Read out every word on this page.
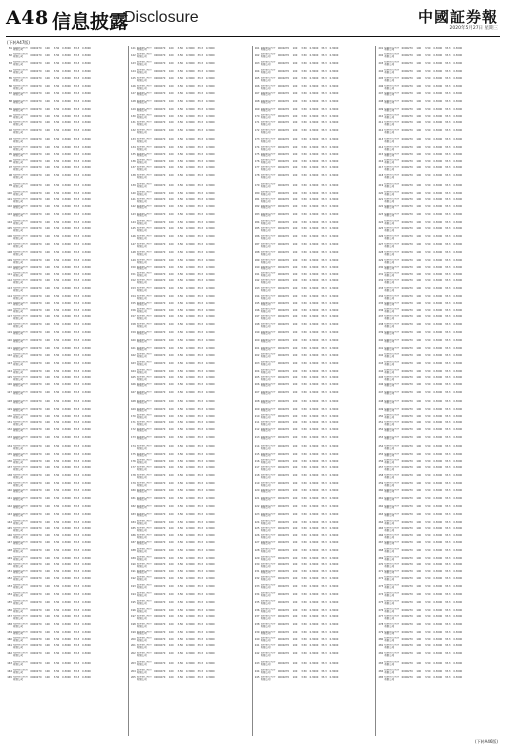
A48 信息披露
Disclosure	中國証券報
2020年5月27日 星期三
(下转A47版)
81 招商银行股份有限公司	0000270	100	3.50	0.3000	33.3	0.3000
82 招商银行股份有限公司	0000270	100	3.50	0.3000	33.3	0.3000
83 招商银行股份有限公司	0000270	100	3.50	0.3000	33.3	0.3000
84 招商银行股份有限公司	0000270	100	3.50	0.3000	33.3	0.3000
85 招商银行股份有限公司	0000270	100	3.50	0.3000	33.3	0.3000
86 招商银行股份有限公司	0000270	100	3.50	0.3000	33.3	0.3000
87 招商银行股份有限公司	0000270	100	3.50	0.3000	33.3	0.3000
88 招商银行股份有限公司	0000270	100	3.50	0.3000	33.3	0.3000
89 招商银行股份有限公司	0000270	100	3.50	0.3000	33.3	0.3000
90 招商银行股份有限公司	0000270	100	3.50	0.3000	33.3	0.3000
91 招商银行股份有限公司	0000270	100	3.50	0.3000	33.3	0.3000
92 招商银行股份有限公司	0000270	100	3.50	0.3000	33.3	0.3000
93 招商银行股份有限公司	0000270	100	3.50	0.3000	33.3	0.3000
94 招商银行股份有限公司	0000270	100	3.50	0.3000	33.3	0.3000
95 招商银行股份有限公司	0000270	100	3.50	0.3000	33.3	0.3000
96 招商银行股份有限公司	0000270	100	3.50	0.3000	33.3	0.3000
97 招商银行股份有限公司	0000270	100	3.50	0.3000	33.3	0.3000
98 招商银行股份有限公司	0000270	100	3.50	0.3000	33.3	0.3000
99 招商银行股份有限公司	0000270	100	3.50	0.3000	33.3	0.3000
100 招商银行股份有限公司	0000270	100	3.50	0.3000	33.3	0.3000
101 招商银行股份有限公司	0000270	100	3.50	0.3000	33.3	0.3000
102 招商银行股份有限公司	0000270	100	3.50	0.3000	33.3	0.3000
103 招商银行股份有限公司	0000270	100	3.50	0.3000	33.3	0.3000
104 招商银行股份有限公司	0000270	100	3.50	0.3000	33.3	0.3000
105 招商银行股份有限公司	0000270	100	3.50	0.3000	33.3	0.3000
106 招商银行股份有限公司	0000270	100	3.50	0.3000	33.3	0.3000
107 招商银行股份有限公司	0000270	100	3.50	0.3000	33.3	0.3000
108 招商银行股份有限公司	0000270	100	3.50	0.3000	33.3	0.3000
109 招商银行股份有限公司	0000270	100	3.50	0.3000	33.3	0.3000
110 招商银行股份有限公司	0000270	100	3.50	0.3000	33.3	0.3000
111 招商银行股份有限公司	0000270	100	3.50	0.3000	33.3	0.3000
112 招商银行股份有限公司	0000270	100	3.50	0.3000	33.3	0.3000
113 招商银行股份有限公司	0000270	100	3.50	0.3000	33.3	0.3000
114 招商银行股份有限公司	0000270	100	3.50	0.3000	33.3	0.3000
115 招商银行股份有限公司	0000270	100	3.50	0.3000	33.3	0.3000
116 招商银行股份有限公司	0000270	100	3.50	0.3000	33.3	0.3000
117 招商银行股份有限公司	0000270	100	3.50	0.3000	33.3	0.3000
118 招商银行股份有限公司	0000270	100	3.50	0.3000	33.3	0.3000
119 招商银行股份有限公司	0000270	100	3.50	0.3000	33.3	0.3000
120 招商银行股份有限公司	0000270	100	3.50	0.3000	33.3	0.3000
121 招商银行股份有限公司	0000270	100	3.50	0.3000	33.3	0.3000
122 招商银行股份有限公司	0000270	100	3.50	0.3000	33.3	0.3000
123 招商银行股份有限公司	0000270	100	3.50	0.3000	33.3	0.3000
124 招商银行股份有限公司	0000270	100	3.50	0.3000	33.3	0.3000
125 招商银行股份有限公司	0000270	100	3.50	0.3000	33.3	0.3000
126 招商银行股份有限公司	0000270	100	3.50	0.3000	33.3	0.3000
127 招商银行股份有限公司	0000270	100	3.50	0.3000	33.3	0.3000
128 招商银行股份有限公司	0000270	100	3.50	0.3000	33.3	0.3000
129 招商银行股份有限公司	0000270	100	3.50	0.3000	33.3	0.3000
130 招商银行股份有限公司	0000270	100	3.50	0.3000	33.3	0.3000
131 招商银行股份有限公司	0000270	100	3.50	0.3000	33.3	0.3000
132 招商银行股份有限公司	0000270	100	3.50	0.3000	33.3	0.3000
133 招商银行股份有限公司	0000270	100	3.50	0.3000	33.3	0.3000
134 招商银行股份有限公司	0000270	100	3.50	0.3000	33.3	0.3000
135 招商银行股份有限公司	0000270	100	3.50	0.3000	33.3	0.3000
136 招商银行股份有限公司	0000270	100	3.50	0.3000	33.3	0.3000
137 招商银行股份有限公司	0000270	100	3.50	0.3000	33.3	0.3000
138 招商银行股份有限公司	0000270	100	3.50	0.3000	33.3	0.3000
139 招商银行股份有限公司	0000270	100	3.50	0.3000	33.3	0.3000
140 招商银行股份有限公司	0000270	100	3.50	0.3000	33.3	0.3000
141 招商银行股份有限公司	0000270	100	3.50	0.3000	33.3	0.3000
142 招商银行股份有限公司	0000270	100	3.50	0.3000	33.3	0.3000
143 招商银行股份有限公司	0000270	100	3.50	0.3000	33.3	0.3000
144 招商银行股份有限公司	0000270	100	3.50	0.3000	33.3	0.3000
145 招商银行股份有限公司	0000270	100	3.50	0.3000	33.3	0.3000
146 招商银行股份有限公司	0000270	100	3.50	0.3000	33.3	0.3000
147 招商银行股份有限公司	0000270	100	3.50	0.3000	33.3	0.3000
148 招商银行股份有限公司	0000270	100	3.50	0.3000	33.3	0.3000
149 招商银行股份有限公司	0000270	100	3.50	0.3000	33.3	0.3000
150 招商银行股份有限公司	0000270	100	3.50	0.3000	33.3	0.3000
151 招商银行股份有限公司	0000270	100	3.50	0.3000	33.3	0.3000
152 招商银行股份有限公司	0000270	100	3.50	0.3000	33.3	0.3000
153 招商银行股份有限公司	0000270	100	3.50	0.3000	33.3	0.3000
154 招商银行股份有限公司	0000270	100	3.50	0.3000	33.3	0.3000
155 招商银行股份有限公司	0000270	100	3.50	0.3000	33.3	0.3000
156 招商银行股份有限公司	0000270	100	3.50	0.3000	33.3	0.3000
157 招商银行股份有限公司	0000270	100	3.50	0.3000	33.3	0.3000
158 招商银行股份有限公司	0000270	100	3.50	0.3000	33.3	0.3000
159 招商银行股份有限公司	0000270	100	3.50	0.3000	33.3	0.3000
160 招商银行股份有限公司	0000270	100	3.50	0.3000	33.3	0.3000
161 招商银行股份有限公司	0000270	100	3.50	0.3000	33.3	0.3000
162 招商银行股份有限公司	0000270	100	3.50	0.3000	33.3	0.3000
163 招商银行股份有限公司	0000270	100	3.50	0.3000	33.3	0.3000
164 招商银行股份有限公司	0000270	100	3.50	0.3000	33.3	0.3000
165 招商银行股份有限公司	0000270	100	3.50	0.3000	33.3	0.3000
121 招商银行股份有限公司	0000270	100	3.50	0.3000	33.3	0.3000
122 招商银行股份有限公司	0000270	100	3.50	0.3000	33.3	0.3000
123 招商银行股份有限公司	0000270	100	3.50	0.3000	33.3	0.3000
124 招商银行股份有限公司	0000270	100	3.50	0.3000	33.3	0.3000
125 招商银行股份有限公司	0000270	100	3.50	0.3000	33.3	0.3000
126 招商银行股份有限公司	0000270	100	3.50	0.3000	33.3	0.3000
127 招商银行股份有限公司	0000270	100	3.50	0.3000	33.3	0.3000
128 招商银行股份有限公司	0000270	100	3.50	0.3000	33.3	0.3000
129 招商银行股份有限公司	0000270	100	3.50	0.3000	33.3	0.3000
130 招商银行股份有限公司	0000270	100	3.50	0.3000	33.3	0.3000
131 招商银行股份有限公司	0000270	100	3.50	0.3000	33.3	0.3000
132 招商银行股份有限公司	0000270	100	3.50	0.3000	33.3	0.3000
133 招商银行股份有限公司	0000270	100	3.50	0.3000	33.3	0.3000
134 招商银行股份有限公司	0000270	100	3.50	0.3000	33.3	0.3000
135 招商银行股份有限公司	0000270	100	3.50	0.3000	33.3	0.3000
136 招商银行股份有限公司	0000270	100	3.50	0.3000	33.3	0.3000
137 招商银行股份有限公司	0000270	100	3.50	0.3000	33.3	0.3000
138 招商银行股份有限公司	0000270	100	3.50	0.3000	33.3	0.3000
139 招商银行股份有限公司	0000270	100	3.50	0.3000	33.3	0.3000
140 招商银行股份有限公司	0000270	100	3.50	0.3000	33.3	0.3000
141 招商银行股份有限公司	0000270	100	3.50	0.3000	33.3	0.3000
142 招商银行股份有限公司	0000270	100	3.50	0.3000	33.3	0.3000
143 招商银行股份有限公司	0000270	100	3.50	0.3000	33.3	0.3000
144 招商银行股份有限公司	0000270	100	3.50	0.3000	33.3	0.3000
145 招商银行股份有限公司	0000270	100	3.50	0.3000	33.3	0.3000
146 招商银行股份有限公司	0000270	100	3.50	0.3000	33.3	0.3000
147 招商银行股份有限公司	0000270	100	3.50	0.3000	33.3	0.3000
148 招商银行股份有限公司	0000270	100	3.50	0.3000	33.3	0.3000
149 招商银行股份有限公司	0000270	100	3.50	0.3000	33.3	0.3000
150 招商银行股份有限公司	0000270	100	3.50	0.3000	33.3	0.3000
151 招商银行股份有限公司	0000270	100	3.50	0.3000	33.3	0.3000
152 招商银行股份有限公司	0000270	100	3.50	0.3000	33.3	0.3000
153 招商银行股份有限公司	0000270	100	3.50	0.3000	33.3	0.3000
154 招商银行股份有限公司	0000270	100	3.50	0.3000	33.3	0.3000
155 招商银行股份有限公司	0000270	100	3.50	0.3000	33.3	0.3000
156 招商银行股份有限公司	0000270	100	3.50	0.3000	33.3	0.3000
157 招商银行股份有限公司	0000270	100	3.50	0.3000	33.3	0.3000
158 招商银行股份有限公司	0000270	100	3.50	0.3000	33.3	0.3000
159 招商银行股份有限公司	0000270	100	3.50	0.3000	33.3	0.3000
160 招商银行股份有限公司	0000270	100	3.50	0.3000	33.3	0.3000
161 招商银行股份有限公司	0000270	100	3.50	0.3000	33.3	0.3000
162 招商银行股份有限公司	0000270	100	3.50	0.3000	33.3	0.3000
163 招商银行股份有限公司	0000270	100	3.50	0.3000	33.3	0.3000
164 招商银行股份有限公司	0000270	100	3.50	0.3000	33.3	0.3000
165 招商银行股份有限公司	0000270	100	3.50	0.3000	33.3	0.3000
166 招商银行股份有限公司	0000270	100	3.50	0.3000	33.3	0.3000
167 招商银行股份有限公司	0000270	100	3.50	0.3000	33.3	0.3000
168 招商银行股份有限公司	0000270	100	3.50	0.3000	33.3	0.3000
169 招商银行股份有限公司	0000270	100	3.50	0.3000	33.3	0.3000
170 招商银行股份有限公司	0000270	100	3.50	0.3000	33.3	0.3000
171 招商银行股份有限公司	0000270	100	3.50	0.3000	33.3	0.3000
172 招商银行股份有限公司	0000270	100	3.50	0.3000	33.3	0.3000
173 招商银行股份有限公司	0000270	100	3.50	0.3000	33.3	0.3000
174 招商银行股份有限公司	0000270	100	3.50	0.3000	33.3	0.3000
175 招商银行股份有限公司	0000270	100	3.50	0.3000	33.3	0.3000
176 招商银行股份有限公司	0000270	100	3.50	0.3000	33.3	0.3000
177 招商银行股份有限公司	0000270	100	3.50	0.3000	33.3	0.3000
178 招商银行股份有限公司	0000270	100	3.50	0.3000	33.3	0.3000
179 招商银行股份有限公司	0000270	100	3.50	0.3000	33.3	0.3000
180 招商银行股份有限公司	0000270	100	3.50	0.3000	33.3	0.3000
181 招商银行股份有限公司	0000270	100	3.50	0.3000	33.3	0.3000
182 招商银行股份有限公司	0000270	100	3.50	0.3000	33.3	0.3000
183 招商银行股份有限公司	0000270	100	3.50	0.3000	33.3	0.3000
184 招商银行股份有限公司	0000270	100	3.50	0.3000	33.3	0.3000
185 招商银行股份有限公司	0000270	100	3.50	0.3000	33.3	0.3000
186 招商银行股份有限公司	0000270	100	3.50	0.3000	33.3	0.3000
187 招商银行股份有限公司	0000270	100	3.50	0.3000	33.3	0.3000
188 招商银行股份有限公司	0000270	100	3.50	0.3000	33.3	0.3000
189 招商银行股份有限公司	0000270	100	3.50	0.3000	33.3	0.3000
190 招商银行股份有限公司	0000270	100	3.50	0.3000	33.3	0.3000
191 招商银行股份有限公司	0000270	100	3.50	0.3000	33.3	0.3000
192 招商银行股份有限公司	0000270	100	3.50	0.3000	33.3	0.3000
193 招商银行股份有限公司	0000270	100	3.50	0.3000	33.3	0.3000
194 招商银行股份有限公司	0000270	100	3.50	0.3000	33.3	0.3000
195 招商银行股份有限公司	0000270	100	3.50	0.3000	33.3	0.3000
196 招商银行股份有限公司	0000270	100	3.50	0.3000	33.3	0.3000
197 招商银行股份有限公司	0000270	100	3.50	0.3000	33.3	0.3000
198 招商银行股份有限公司	0000270	100	3.50	0.3000	33.3	0.3000
199 招商银行股份有限公司	0000270	100	3.50	0.3000	33.3	0.3000
200 招商银行股份有限公司	0000270	100	3.50	0.3000	33.3	0.3000
201 招商银行股份有限公司	0000270	100	3.50	0.3000	33.3	0.3000
202 招商银行股份有限公司	0000270	100	3.50	0.3000	33.3	0.3000
203 招商银行股份有限公司	0000270	100	3.50	0.3000	33.3	0.3000
204 招商银行股份有限公司	0000270	100	3.50	0.3000	33.3	0.3000
205 招商银行股份有限公司	0000270	100	3.50	0.3000	33.3	0.3000
161 招商银行股份有限公司	0000270	100	3.50	0.3000	33.3	0.3000
162 招商银行股份有限公司	0000270	100	3.50	0.3000	33.3	0.3000
163 招商银行股份有限公司	0000270	100	3.50	0.3000	33.3	0.3000
164 招商银行股份有限公司	0000270	100	3.50	0.3000	33.3	0.3000
165 招商银行股份有限公司	0000270	100	3.50	0.3000	33.3	0.3000
166 招商银行股份有限公司	0000270	100	3.50	0.3000	33.3	0.3000
167 招商银行股份有限公司	0000270	100	3.50	0.3000	33.3	0.3000
168 招商银行股份有限公司	0000270	100	3.50	0.3000	33.3	0.3000
169 招商银行股份有限公司	0000270	100	3.50	0.3000	33.3	0.3000
170 招商银行股份有限公司	0000270	100	3.50	0.3000	33.3	0.3000
171 招商银行股份有限公司	0000270	100	3.50	0.3000	33.3	0.3000
172 招商银行股份有限公司	0000270	100	3.50	0.3000	33.3	0.3000
173 招商银行股份有限公司	0000270	100	3.50	0.3000	33.3	0.3000
174 招商银行股份有限公司	0000270	100	3.50	0.3000	33.3	0.3000
175 招商银行股份有限公司	0000270	100	3.50	0.3000	33.3	0.3000
176 招商银行股份有限公司	0000270	100	3.50	0.3000	33.3	0.3000
177 招商银行股份有限公司	0000270	100	3.50	0.3000	33.3	0.3000
178 招商银行股份有限公司	0000270	100	3.50	0.3000	33.3	0.3000
179 招商银行股份有限公司	0000270	100	3.50	0.3000	33.3	0.3000
180 招商银行股份有限公司	0000270	100	3.50	0.3000	33.3	0.3000
181 招商银行股份有限公司	0000270	100	3.50	0.3000	33.3	0.3000
182 招商银行股份有限公司	0000270	100	3.50	0.3000	33.3	0.3000
183 招商银行股份有限公司	0000270	100	3.50	0.3000	33.3	0.3000
184 招商银行股份有限公司	0000270	100	3.50	0.3000	33.3	0.3000
185 招商银行股份有限公司	0000270	100	3.50	0.3000	33.3	0.3000
186 招商银行股份有限公司	0000270	100	3.50	0.3000	33.3	0.3000
187 招商银行股份有限公司	0000270	100	3.50	0.3000	33.3	0.3000
188 招商银行股份有限公司	0000270	100	3.50	0.3000	33.3	0.3000
189 招商银行股份有限公司	0000270	100	3.50	0.3000	33.3	0.3000
190 招商银行股份有限公司	0000270	100	3.50	0.3000	33.3	0.3000
191 招商银行股份有限公司	0000270	100	3.50	0.3000	33.3	0.3000
192 招商银行股份有限公司	0000270	100	3.50	0.3000	33.3	0.3000
193 招商银行股份有限公司	0000270	100	3.50	0.3000	33.3	0.3000
194 招商银行股份有限公司	0000270	100	3.50	0.3000	33.3	0.3000
195 招商银行股份有限公司	0000270	100	3.50	0.3000	33.3	0.3000
196 招商银行股份有限公司	0000270	100	3.50	0.3000	33.3	0.3000
197 招商银行股份有限公司	0000270	100	3.50	0.3000	33.3	0.3000
198 招商银行股份有限公司	0000270	100	3.50	0.3000	33.3	0.3000
199 招商银行股份有限公司	0000270	100	3.50	0.3000	33.3	0.3000
200 招商银行股份有限公司	0000270	100	3.50	0.3000	33.3	0.3000
201 招商银行股份有限公司	0000270	100	3.50	0.3000	33.3	0.3000
202 招商银行股份有限公司	0000270	100	3.50	0.3000	33.3	0.3000
203 招商银行股份有限公司	0000270	100	3.50	0.3000	33.3	0.3000
204 招商银行股份有限公司	0000270	100	3.50	0.3000	33.3	0.3000
205 招商银行股份有限公司	0000270	100	3.50	0.3000	33.3	0.3000
206 招商银行股份有限公司	0000270	100	3.50	0.3000	33.3	0.3000
207 招商银行股份有限公司	0000270	100	3.50	0.3000	33.3	0.3000
208 招商银行股份有限公司	0000270	100	3.50	0.3000	33.3	0.3000
209 招商银行股份有限公司	0000270	100	3.50	0.3000	33.3	0.3000
210 招商银行股份有限公司	0000270	100	3.50	0.3000	33.3	0.3000
211 招商银行股份有限公司	0000270	100	3.50	0.3000	33.3	0.3000
212 招商银行股份有限公司	0000270	100	3.50	0.3000	33.3	0.3000
213 招商银行股份有限公司	0000270	100	3.50	0.3000	33.3	0.3000
214 招商银行股份有限公司	0000270	100	3.50	0.3000	33.3	0.3000
215 招商银行股份有限公司	0000270	100	3.50	0.3000	33.3	0.3000
216 招商银行股份有限公司	0000270	100	3.50	0.3000	33.3	0.3000
217 招商银行股份有限公司	0000270	100	3.50	0.3000	33.3	0.3000
218 招商银行股份有限公司	0000270	100	3.50	0.3000	33.3	0.3000
219 招商银行股份有限公司	0000270	100	3.50	0.3000	33.3	0.3000
220 招商银行股份有限公司	0000270	100	3.50	0.3000	33.3	0.3000
221 招商银行股份有限公司	0000270	100	3.50	0.3000	33.3	0.3000
222 招商银行股份有限公司	0000270	100	3.50	0.3000	33.3	0.3000
223 招商银行股份有限公司	0000270	100	3.50	0.3000	33.3	0.3000
224 招商银行股份有限公司	0000270	100	3.50	0.3000	33.3	0.3000
225 招商银行股份有限公司	0000270	100	3.50	0.3000	33.3	0.3000
226 招商银行股份有限公司	0000270	100	3.50	0.3000	33.3	0.3000
227 招商银行股份有限公司	0000270	100	3.50	0.3000	33.3	0.3000
228 招商银行股份有限公司	0000270	100	3.50	0.3000	33.3	0.3000
229 招商银行股份有限公司	0000270	100	3.50	0.3000	33.3	0.3000
230 招商银行股份有限公司	0000270	100	3.50	0.3000	33.3	0.3000
231 招商银行股份有限公司	0000270	100	3.50	0.3000	33.3	0.3000
232 招商银行股份有限公司	0000270	100	3.50	0.3000	33.3	0.3000
233 招商银行股份有限公司	0000270	100	3.50	0.3000	33.3	0.3000
234 招商银行股份有限公司	0000270	100	3.50	0.3000	33.3	0.3000
235 招商银行股份有限公司	0000270	100	3.50	0.3000	33.3	0.3000
236 招商银行股份有限公司	0000270	100	3.50	0.3000	33.3	0.3000
237 招商银行股份有限公司	0000270	100	3.50	0.3000	33.3	0.3000
238 招商银行股份有限公司	0000270	100	3.50	0.3000	33.3	0.3000
239 招商银行股份有限公司	0000270	100	3.50	0.3000	33.3	0.3000
240 招商银行股份有限公司	0000270	100	3.50	0.3000	33.3	0.3000
241 招商银行股份有限公司	0000270	100	3.50	0.3000	33.3	0.3000
242 招商银行股份有限公司	0000270	100	3.50	0.3000	33.3	0.3000
243 招商银行股份有限公司	0000270	100	3.50	0.3000	33.3	0.3000
244 招商银行股份有限公司	0000270	100	3.50	0.3000	33.3	0.3000
245 招商银行股份有限公司	0000270	100	3.50	0.3000	33.3	0.3000
201 招商银行股份有限公司	0000270	100	3.50	0.3000	33.3	0.3000
202 招商银行股份有限公司	0000270	100	3.50	0.3000	33.3	0.3000
203 招商银行股份有限公司	0000270	100	3.50	0.3000	33.3	0.3000
204 招商银行股份有限公司	0000270	100	3.50	0.3000	33.3	0.3000
205 招商银行股份有限公司	0000270	100	3.50	0.3000	33.3	0.3000
206 招商银行股份有限公司	0000270	100	3.50	0.3000	33.3	0.3000
207 招商银行股份有限公司	0000270	100	3.50	0.3000	33.3	0.3000
208 招商银行股份有限公司	0000270	100	3.50	0.3000	33.3	0.3000
209 招商银行股份有限公司	0000270	100	3.50	0.3000	33.3	0.3000
210 招商银行股份有限公司	0000270	100	3.50	0.3000	33.3	0.3000
211 招商银行股份有限公司	0000270	100	3.50	0.3000	33.3	0.3000
212 招商银行股份有限公司	0000270	100	3.50	0.3000	33.3	0.3000
213 招商银行股份有限公司	0000270	100	3.50	0.3000	33.3	0.3000
214 招商银行股份有限公司	0000270	100	3.50	0.3000	33.3	0.3000
215 招商银行股份有限公司	0000270	100	3.50	0.3000	33.3	0.3000
216 招商银行股份有限公司	0000270	100	3.50	0.3000	33.3	0.3000
217 招商银行股份有限公司	0000270	100	3.50	0.3000	33.3	0.3000
218 招商银行股份有限公司	0000270	100	3.50	0.3000	33.3	0.3000
219 招商银行股份有限公司	0000270	100	3.50	0.3000	33.3	0.3000
220 招商银行股份有限公司	0000270	100	3.50	0.3000	33.3	0.3000
221 招商银行股份有限公司	0000270	100	3.50	0.3000	33.3	0.3000
222 招商银行股份有限公司	0000270	100	3.50	0.3000	33.3	0.3000
223 招商银行股份有限公司	0000270	100	3.50	0.3000	33.3	0.3000
224 招商银行股份有限公司	0000270	100	3.50	0.3000	33.3	0.3000
225 招商银行股份有限公司	0000270	100	3.50	0.3000	33.3	0.3000
226 招商银行股份有限公司	0000270	100	3.50	0.3000	33.3	0.3000
227 招商银行股份有限公司	0000270	100	3.50	0.3000	33.3	0.3000
228 招商银行股份有限公司	0000270	100	3.50	0.3000	33.3	0.3000
229 招商银行股份有限公司	0000270	100	3.50	0.3000	33.3	0.3000
230 招商银行股份有限公司	0000270	100	3.50	0.3000	33.3	0.3000
231 招商银行股份有限公司	0000270	100	3.50	0.3000	33.3	0.3000
232 招商银行股份有限公司	0000270	100	3.50	0.3000	33.3	0.3000
233 招商银行股份有限公司	0000270	100	3.50	0.3000	33.3	0.3000
234 招商银行股份有限公司	0000270	100	3.50	0.3000	33.3	0.3000
235 招商银行股份有限公司	0000270	100	3.50	0.3000	33.3	0.3000
236 招商银行股份有限公司	0000270	100	3.50	0.3000	33.3	0.3000
237 招商银行股份有限公司	0000270	100	3.50	0.3000	33.3	0.3000
238 招商银行股份有限公司	0000270	100	3.50	0.3000	33.3	0.3000
239 招商银行股份有限公司	0000270	100	3.50	0.3000	33.3	0.3000
240 招商银行股份有限公司	0000270	100	3.50	0.3000	33.3	0.3000
241 招商银行股份有限公司	0000270	100	3.50	0.3000	33.3	0.3000
242 招商银行股份有限公司	0000270	100	3.50	0.3000	33.3	0.3000
243 招商银行股份有限公司	0000270	100	3.50	0.3000	33.3	0.3000
244 招商银行股份有限公司	0000270	100	3.50	0.3000	33.3	0.3000
245 招商银行股份有限公司	0000270	100	3.50	0.3000	33.3	0.3000
246 招商银行股份有限公司	0000270	100	3.50	0.3000	33.3	0.3000
247 招商银行股份有限公司	0000270	100	3.50	0.3000	33.3	0.3000
248 招商银行股份有限公司	0000270	100	3.50	0.3000	33.3	0.3000
249 招商银行股份有限公司	0000270	100	3.50	0.3000	33.3	0.3000
250 招商银行股份有限公司	0000270	100	3.50	0.3000	33.3	0.3000
251 招商银行股份有限公司	0000270	100	3.50	0.3000	33.3	0.3000
252 招商银行股份有限公司	0000270	100	3.50	0.3000	33.3	0.3000
253 招商银行股份有限公司	0000270	100	3.50	0.3000	33.3	0.3000
254 招商银行股份有限公司	0000270	100	3.50	0.3000	33.3	0.3000
255 招商银行股份有限公司	0000270	100	3.50	0.3000	33.3	0.3000
256 招商银行股份有限公司	0000270	100	3.50	0.3000	33.3	0.3000
257 招商银行股份有限公司	0000270	100	3.50	0.3000	33.3	0.3000
258 招商银行股份有限公司	0000270	100	3.50	0.3000	33.3	0.3000
259 招商银行股份有限公司	0000270	100	3.50	0.3000	33.3	0.3000
260 招商银行股份有限公司	0000270	100	3.50	0.3000	33.3	0.3000
261 招商银行股份有限公司	0000270	100	3.50	0.3000	33.3	0.3000
262 招商银行股份有限公司	0000270	100	3.50	0.3000	33.3	0.3000
263 招商银行股份有限公司	0000270	100	3.50	0.3000	33.3	0.3000
264 招商银行股份有限公司	0000270	100	3.50	0.3000	33.3	0.3000
265 招商银行股份有限公司	0000270	100	3.50	0.3000	33.3	0.3000
266 招商银行股份有限公司	0000270	100	3.50	0.3000	33.3	0.3000
267 招商银行股份有限公司	0000270	100	3.50	0.3000	33.3	0.3000
268 招商银行股份有限公司	0000270	100	3.50	0.3000	33.3	0.3000
269 招商银行股份有限公司	0000270	100	3.50	0.3000	33.3	0.3000
270 招商银行股份有限公司	0000270	100	3.50	0.3000	33.3	0.3000
271 招商银行股份有限公司	0000270	100	3.50	0.3000	33.3	0.3000
272 招商银行股份有限公司	0000270	100	3.50	0.3000	33.3	0.3000
273 招商银行股份有限公司	0000270	100	3.50	0.3000	33.3	0.3000
274 招商银行股份有限公司	0000270	100	3.50	0.3000	33.3	0.3000
275 招商银行股份有限公司	0000270	100	3.50	0.3000	33.3	0.3000
276 招商银行股份有限公司	0000270	100	3.50	0.3000	33.3	0.3000
277 招商银行股份有限公司	0000270	100	3.50	0.3000	33.3	0.3000
278 招商银行股份有限公司	0000270	100	3.50	0.3000	33.3	0.3000
279 招商银行股份有限公司	0000270	100	3.50	0.3000	33.3	0.3000
280 招商银行股份有限公司	0000270	100	3.50	0.3000	33.3	0.3000
281 招商银行股份有限公司	0000270	100	3.50	0.3000	33.3	0.3000
282 招商银行股份有限公司	0000270	100	3.50	0.3000	33.3	0.3000
283 招商银行股份有限公司	0000270	100	3.50	0.3000	33.3	0.3000
284 招商银行股份有限公司	0000270	100	3.50	0.3000	33.3	0.3000
285 招商银行股份有限公司	0000270	100	3.50	0.3000	33.3	0.3000
(下转A46版)
